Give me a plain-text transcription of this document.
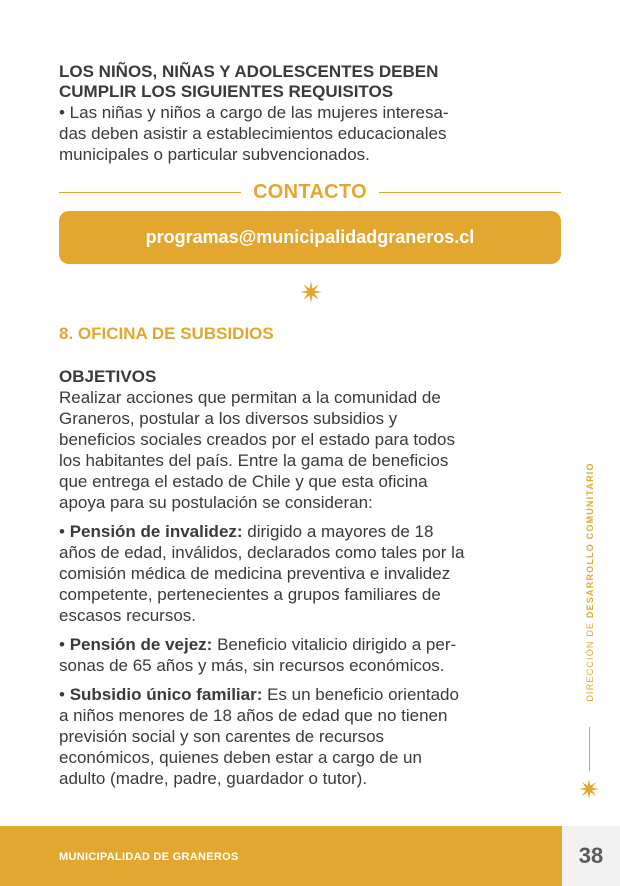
LOS NIÑOS, NIÑAS Y ADOLESCENTES DEBEN
CUMPLIR LOS SIGUIENTES REQUISITOS

• Las niñas y niños a cargo de las mujeres interesa-
das deben asistir a establecimientos educacionales
municipales o particular subvencionados.

CONTACTO
programas@municipalidadgraneros.cl

8. OFICINA DE SUBSIDIOS

OBJETIVOS

Realizar acciones que permitan a la comunidad de
Graneros, postular a los diversos subsidios y
beneficios sociales creados por el estado para todos
los habitantes del país. Entre la gama de beneficios
que entrega el estado de Chile y que esta oficina
apoya para su postulación se consideran:

• Pensión de invalidez: dirigido a mayores de 18
años de edad, inválidos, declarados como tales por la
comisión médica de medicina preventiva e invalidez
competente, pertenecientes a grupos familiares de
escasos recursos.

• Pensión de vejez: Beneficio vitalicio dirigido a per-
sonas de 65 años y más, sin recursos económicos.

• Subsidio único familiar: Es un beneficio orientado
a niños menores de 18 años de edad que no tienen
previsión social y son carentes de recursos
económicos, quienes deben estar a cargo de un
adulto (madre, padre, guardador o tutor).

DIRECCIÓN DE DESARROLLO COMUNITARIO
MUNICIPALIDAD DE GRANEROS	38
